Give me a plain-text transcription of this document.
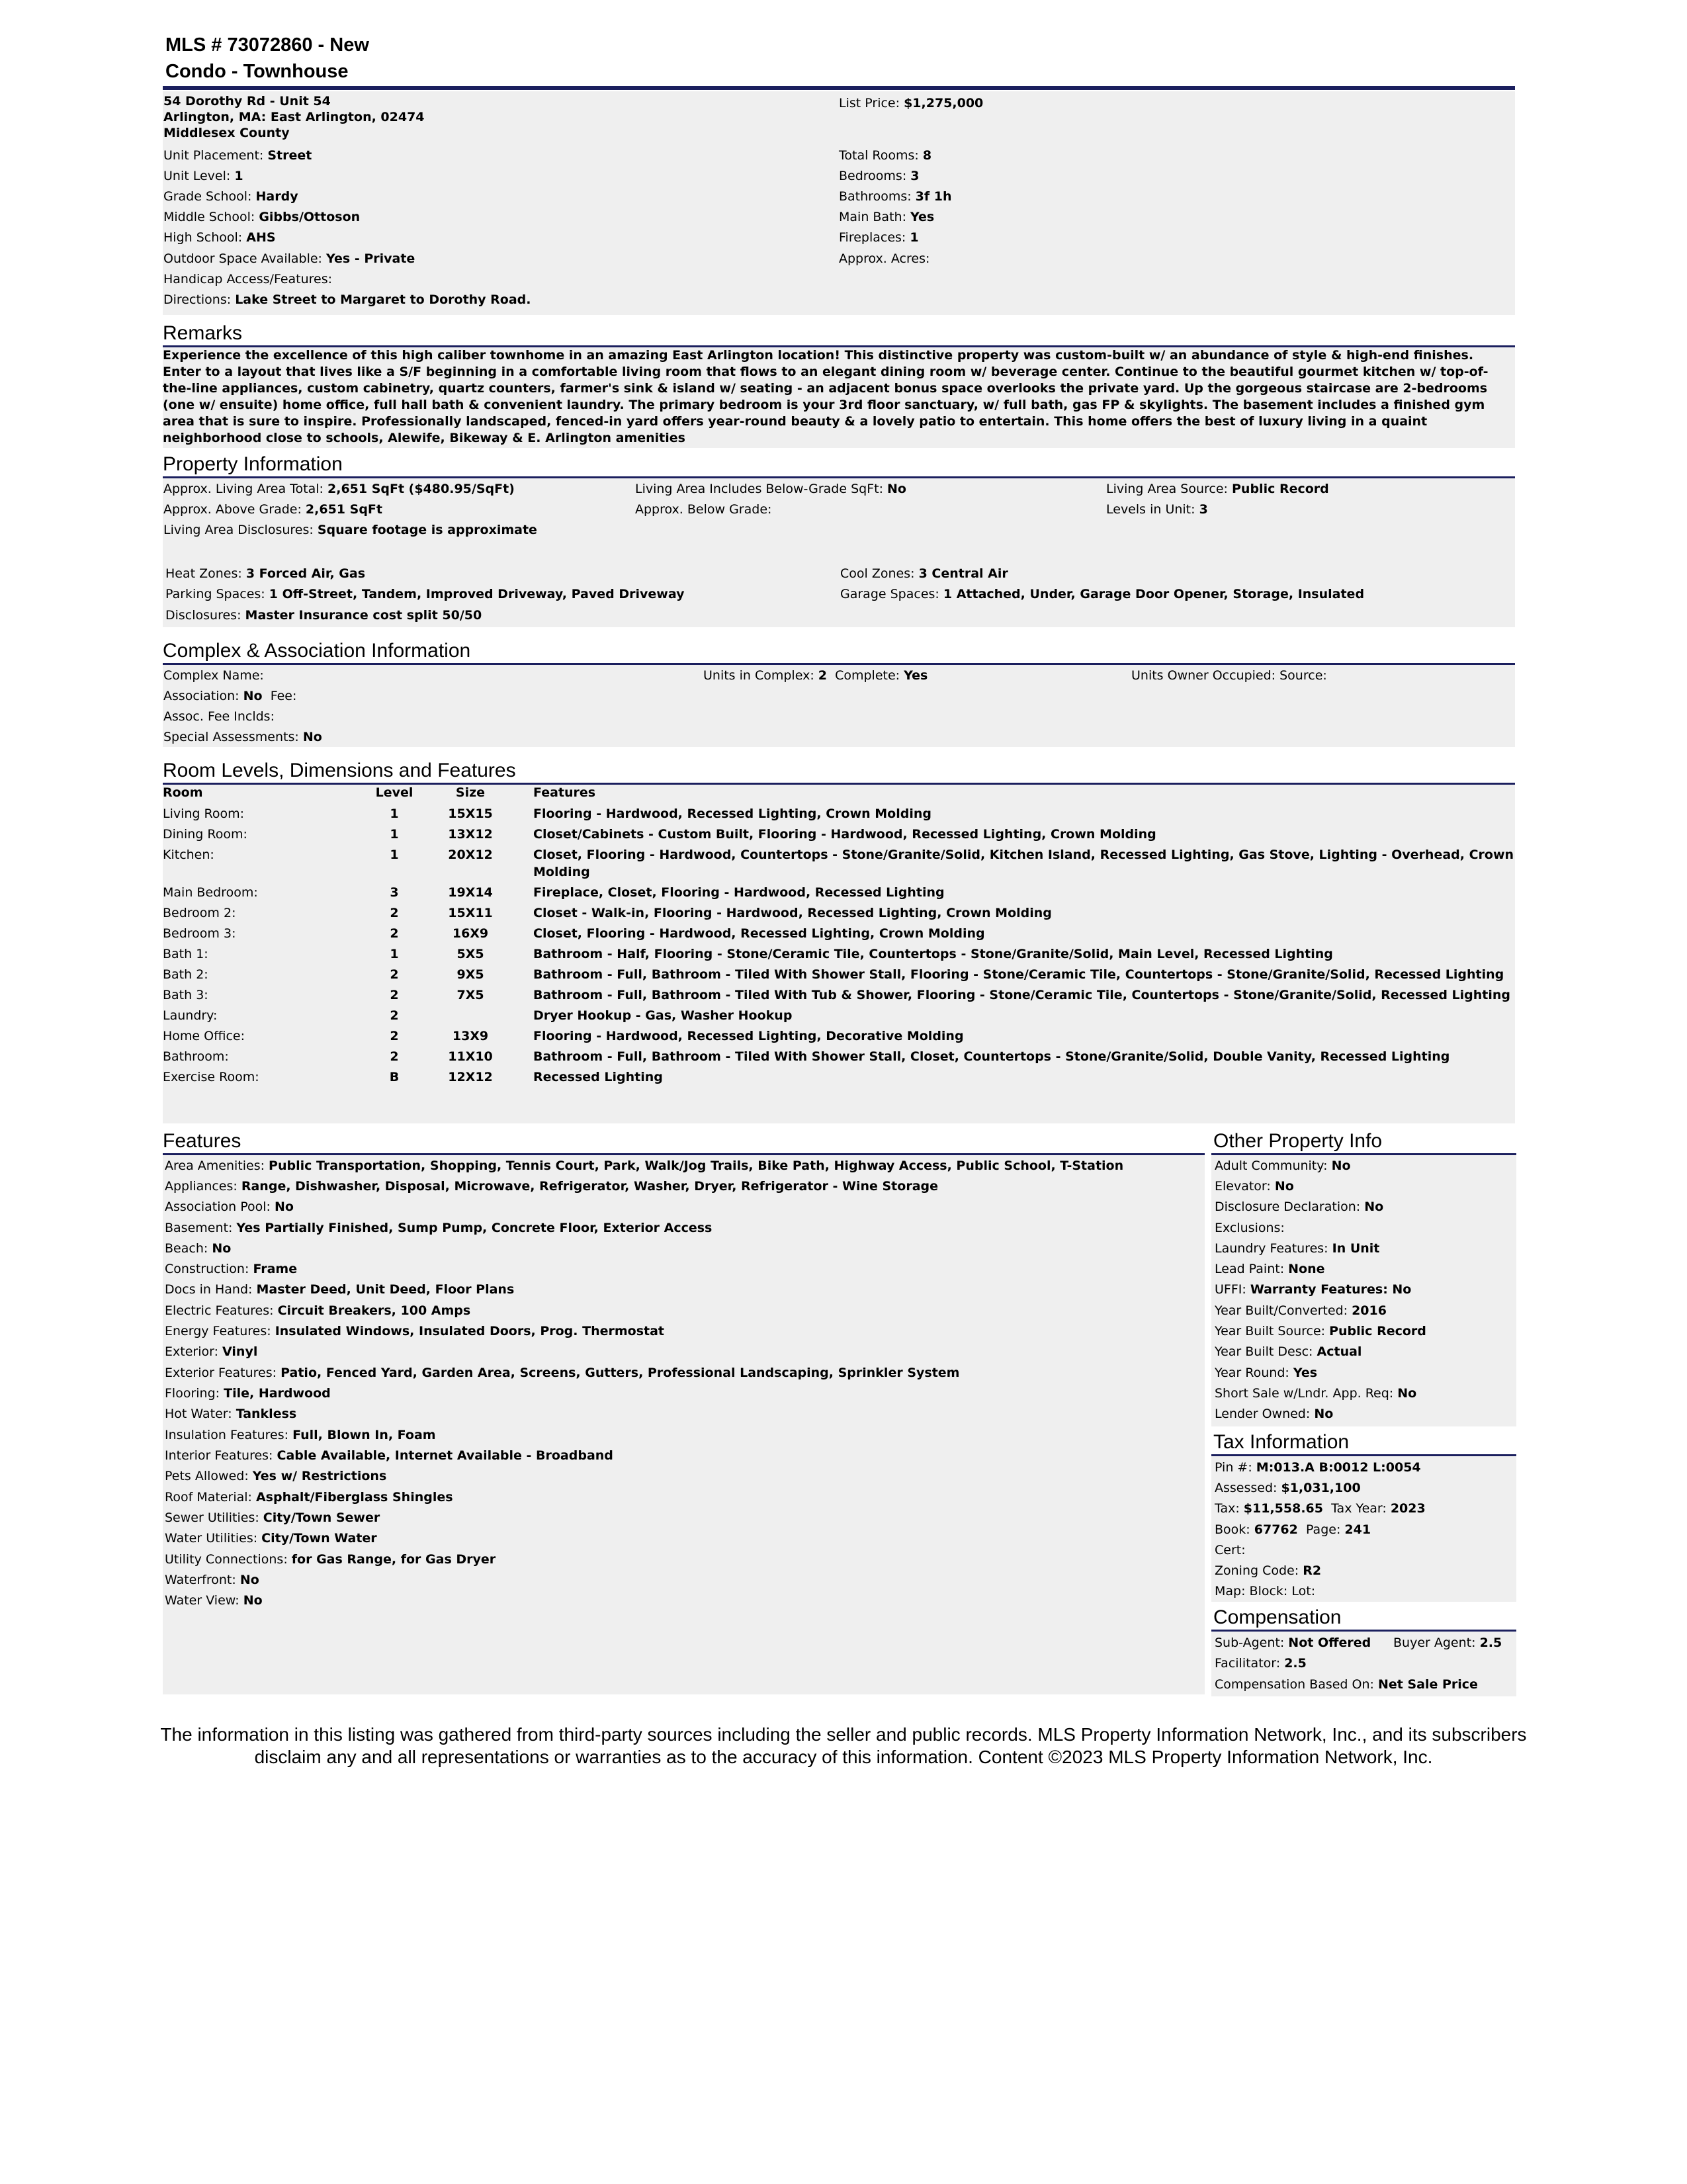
MLS # 73072860 - New
Condo - Townhouse
54 Dorothy Rd - Unit 54
Arlington, MA: East Arlington, 02474
Middlesex County
List Price: $1,275,000
Unit Placement: Street
Unit Level: 1
Grade School: Hardy
Middle School: Gibbs/Ottoson
High School: AHS
Outdoor Space Available: Yes - Private
Handicap Access/Features:
Directions: Lake Street to Margaret to Dorothy Road.
Total Rooms: 8
Bedrooms: 3
Bathrooms: 3f 1h
Main Bath: Yes
Fireplaces: 1
Approx. Acres:
Remarks
Experience the excellence of this high caliber townhome in an amazing East Arlington location! This distinctive property was custom-built w/ an abundance of style & high-end finishes. Enter to a layout that lives like a S/F beginning in a comfortable living room that flows to an elegant dining room w/ beverage center. Continue to the beautiful gourmet kitchen w/ top-of-the-line appliances, custom cabinetry, quartz counters, farmer's sink & island w/ seating - an adjacent bonus space overlooks the private yard. Up the gorgeous staircase are 2-bedrooms (one w/ ensuite) home office, full hall bath & convenient laundry. The primary bedroom is your 3rd floor sanctuary, w/ full bath, gas FP & skylights. The basement includes a finished gym area that is sure to inspire. Professionally landscaped, fenced-in yard offers year-round beauty & a lovely patio to entertain. This home offers the best of luxury living in a quaint neighborhood close to schools, Alewife, Bikeway & E. Arlington amenities
Property Information
Approx. Living Area Total: 2,651 SqFt ($480.95/SqFt)	Living Area Includes Below-Grade SqFt: No	Living Area Source: Public Record
Approx. Above Grade: 2,651 SqFt	Approx. Below Grade:	Levels in Unit: 3
Living Area Disclosures: Square footage is approximate
Heat Zones: 3 Forced Air, Gas	Cool Zones: 3 Central Air
Parking Spaces: 1 Off-Street, Tandem, Improved Driveway, Paved Driveway	Garage Spaces: 1 Attached, Under, Garage Door Opener, Storage, Insulated
Disclosures: Master Insurance cost split 50/50
Complex & Association Information
Complex Name:	Units in Complex: 2 Complete: Yes	Units Owner Occupied: Source:
Association: No Fee:
Assoc. Fee Inclds:
Special Assessments: No
Room Levels, Dimensions and Features
Room	Level	Size		Features
Living Room:	1	15X15		Flooring - Hardwood, Recessed Lighting, Crown Molding
Dining Room:	1	13X12		Closet/Cabinets - Custom Built, Flooring - Hardwood, Recessed Lighting, Crown Molding
Kitchen:	1	20X12		Closet, Flooring - Hardwood, Countertops - Stone/Granite/Solid, Kitchen Island, Recessed Lighting, Gas Stove, Lighting - Overhead, Crown Molding
Main Bedroom:	3	19X14		Fireplace, Closet, Flooring - Hardwood, Recessed Lighting
Bedroom 2:	2	15X11		Closet - Walk-in, Flooring - Hardwood, Recessed Lighting, Crown Molding
Bedroom 3:	2	16X9		Closet, Flooring - Hardwood, Recessed Lighting, Crown Molding
Bath 1:	1	5X5		Bathroom - Half, Flooring - Stone/Ceramic Tile, Countertops - Stone/Granite/Solid, Main Level, Recessed Lighting
Bath 2:	2	9X5		Bathroom - Full, Bathroom - Tiled With Shower Stall, Flooring - Stone/Ceramic Tile, Countertops - Stone/Granite/Solid, Recessed Lighting
Bath 3:	2	7X5		Bathroom - Full, Bathroom - Tiled With Tub & Shower, Flooring - Stone/Ceramic Tile, Countertops - Stone/Granite/Solid, Recessed Lighting
Laundry:	2			Dryer Hookup - Gas, Washer Hookup
Home Office:	2	13X9		Flooring - Hardwood, Recessed Lighting, Decorative Molding
Bathroom:	2	11X10		Bathroom - Full, Bathroom - Tiled With Shower Stall, Closet, Countertops - Stone/Granite/Solid, Double Vanity, Recessed Lighting
Exercise Room:	B	12X12		Recessed Lighting
Features
Area Amenities: Public Transportation, Shopping, Tennis Court, Park, Walk/Jog Trails, Bike Path, Highway Access, Public School, T-Station
Appliances: Range, Dishwasher, Disposal, Microwave, Refrigerator, Washer, Dryer, Refrigerator - Wine Storage
Association Pool: No
Basement: Yes Partially Finished, Sump Pump, Concrete Floor, Exterior Access
Beach: No
Construction: Frame
Docs in Hand: Master Deed, Unit Deed, Floor Plans
Electric Features: Circuit Breakers, 100 Amps
Energy Features: Insulated Windows, Insulated Doors, Prog. Thermostat
Exterior: Vinyl
Exterior Features: Patio, Fenced Yard, Garden Area, Screens, Gutters, Professional Landscaping, Sprinkler System
Flooring: Tile, Hardwood
Hot Water: Tankless
Insulation Features: Full, Blown In, Foam
Interior Features: Cable Available, Internet Available - Broadband
Pets Allowed: Yes w/ Restrictions
Roof Material: Asphalt/Fiberglass Shingles
Sewer Utilities: City/Town Sewer
Water Utilities: City/Town Water
Utility Connections: for Gas Range, for Gas Dryer
Waterfront: No
Water View: No
Other Property Info
Adult Community: No
Elevator: No
Disclosure Declaration: No
Exclusions:
Laundry Features: In Unit
Lead Paint: None
UFFI: Warranty Features: No
Year Built/Converted: 2016
Year Built Source: Public Record
Year Built Desc: Actual
Year Round: Yes
Short Sale w/Lndr. App. Req: No
Lender Owned: No
Tax Information
Pin #: M:013.A B:0012 L:0054
Assessed: $1,031,100
Tax: $11,558.65 Tax Year: 2023
Book: 67762 Page: 241
Cert:
Zoning Code: R2
Map: Block: Lot:
Compensation
Sub-Agent: Not Offered Buyer Agent: 2.5
Facilitator: 2.5
Compensation Based On: Net Sale Price
The information in this listing was gathered from third-party sources including the seller and public records. MLS Property Information Network, Inc., and its subscribers
disclaim any and all representations or warranties as to the accuracy of this information. Content ©2023 MLS Property Information Network, Inc.
